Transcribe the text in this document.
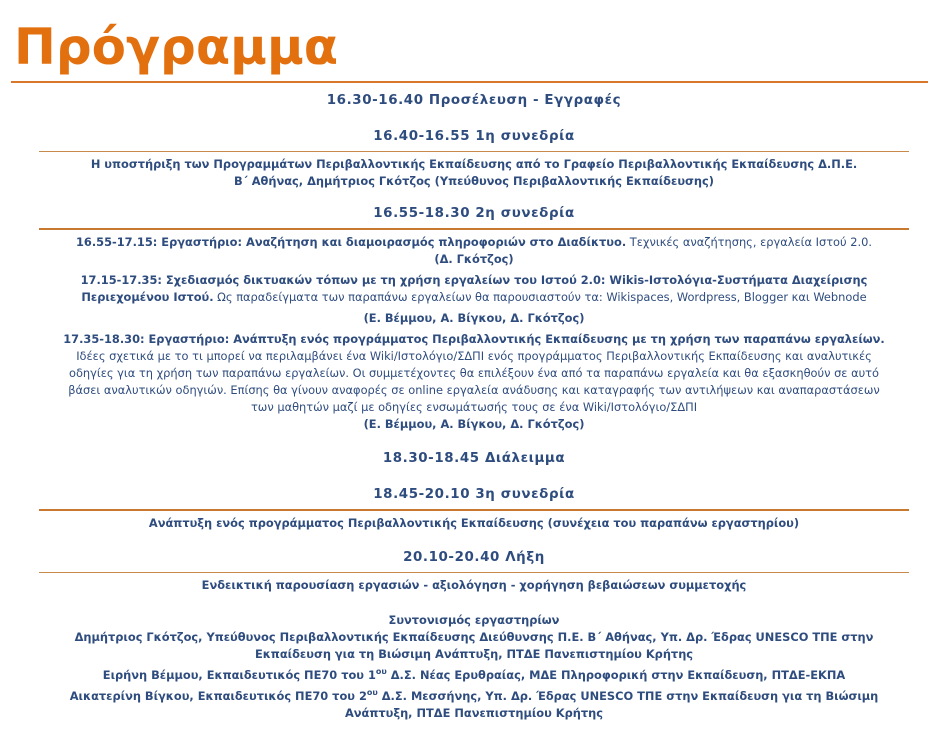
Πρόγραμμα
16.30-16.40 Προσέλευση - Εγγραφές
16.40-16.55 1η συνεδρία
Η υποστήριξη των Προγραμμάτων Περιβαλλοντικής Εκπαίδευσης από το Γραφείο Περιβαλλοντικής Εκπαίδευσης Δ.Π.Ε.
Β΄ Αθήνας, Δημήτριος Γκότζος (Υπεύθυνος Περιβαλλοντικής Εκπαίδευσης)
16.55-18.30 2η συνεδρία
16.55-17.15: Εργαστήριο: Αναζήτηση και διαμοιρασμός πληροφοριών στο Διαδίκτυο. Τεχνικές αναζήτησης, εργαλεία Ιστού 2.0.
(Δ. Γκότζος)
17.15-17.35: Σχεδιασμός δικτυακών τόπων με τη χρήση εργαλείων του Ιστού 2.0: Wikis-Ιστολόγια-Συστήματα Διαχείρισης
Περιεχομένου Ιστού. Ως παραδείγματα των παραπάνω εργαλείων θα παρουσιαστούν τα: Wikispaces, Wordpress, Blogger και Webnode
(Ε. Βέμμου, Α. Βίγκου, Δ. Γκότζος)
17.35-18.30: Εργαστήριο: Ανάπτυξη ενός προγράμματος Περιβαλλοντικής Εκπαίδευσης με τη χρήση των παραπάνω εργαλείων.
Ιδέες σχετικά με το τι μπορεί να περιλαμβάνει ένα Wiki/Ιστολόγιο/ΣΔΠΙ ενός προγράμματος Περιβαλλοντικής Εκπαίδευσης και αναλυτικές
οδηγίες για τη χρήση των παραπάνω εργαλείων. Οι συμμετέχοντες θα επιλέξουν ένα από τα παραπάνω εργαλεία και θα εξασκηθούν σε αυτό
βάσει αναλυτικών οδηγιών. Επίσης θα γίνουν αναφορές σε online εργαλεία ανάδυσης και καταγραφής των αντιλήψεων και αναπαραστάσεων
των μαθητών μαζί με οδηγίες ενσωμάτωσής τους σε ένα Wiki/Ιστολόγιο/ΣΔΠΙ
(Ε. Βέμμου, Α. Βίγκου, Δ. Γκότζος)
18.30-18.45 Διάλειμμα
18.45-20.10 3η συνεδρία
Ανάπτυξη ενός προγράμματος Περιβαλλοντικής Εκπαίδευσης (συνέχεια του παραπάνω εργαστηρίου)
20.10-20.40 Λήξη
Ενδεικτική παρουσίαση εργασιών - αξιολόγηση - χορήγηση βεβαιώσεων συμμετοχής
Συντονισμός εργαστηρίων
Δημήτριος Γκότζος, Υπεύθυνος Περιβαλλοντικής Εκπαίδευσης Διεύθυνσης Π.Ε. Β΄ Αθήνας, Υπ. Δρ. Έδρας UNESCO ΤΠΕ στην
Εκπαίδευση για τη Βιώσιμη Ανάπτυξη, ΠΤΔΕ Πανεπιστημίου Κρήτης
Ειρήνη Βέμμου, Εκπαιδευτικός ΠΕ70 του $1^{o\upsilon}$ Δ.Σ. Νέας Ερυθραίας, ΜΔΕ Πληροφορική στην Εκπαίδευση, ΠΤΔΕ-ΕΚΠΑ
Αικατερίνη Βίγκου, Εκπαιδευτικός ΠΕ70 του $2^{o\upsilon}$ Δ.Σ. Μεσσήνης, Υπ. Δρ. Έδρας UNESCO ΤΠΕ στην Εκπαίδευση για τη Βιώσιμη
Ανάπτυξη, ΠΤΔΕ Πανεπιστημίου Κρήτης
